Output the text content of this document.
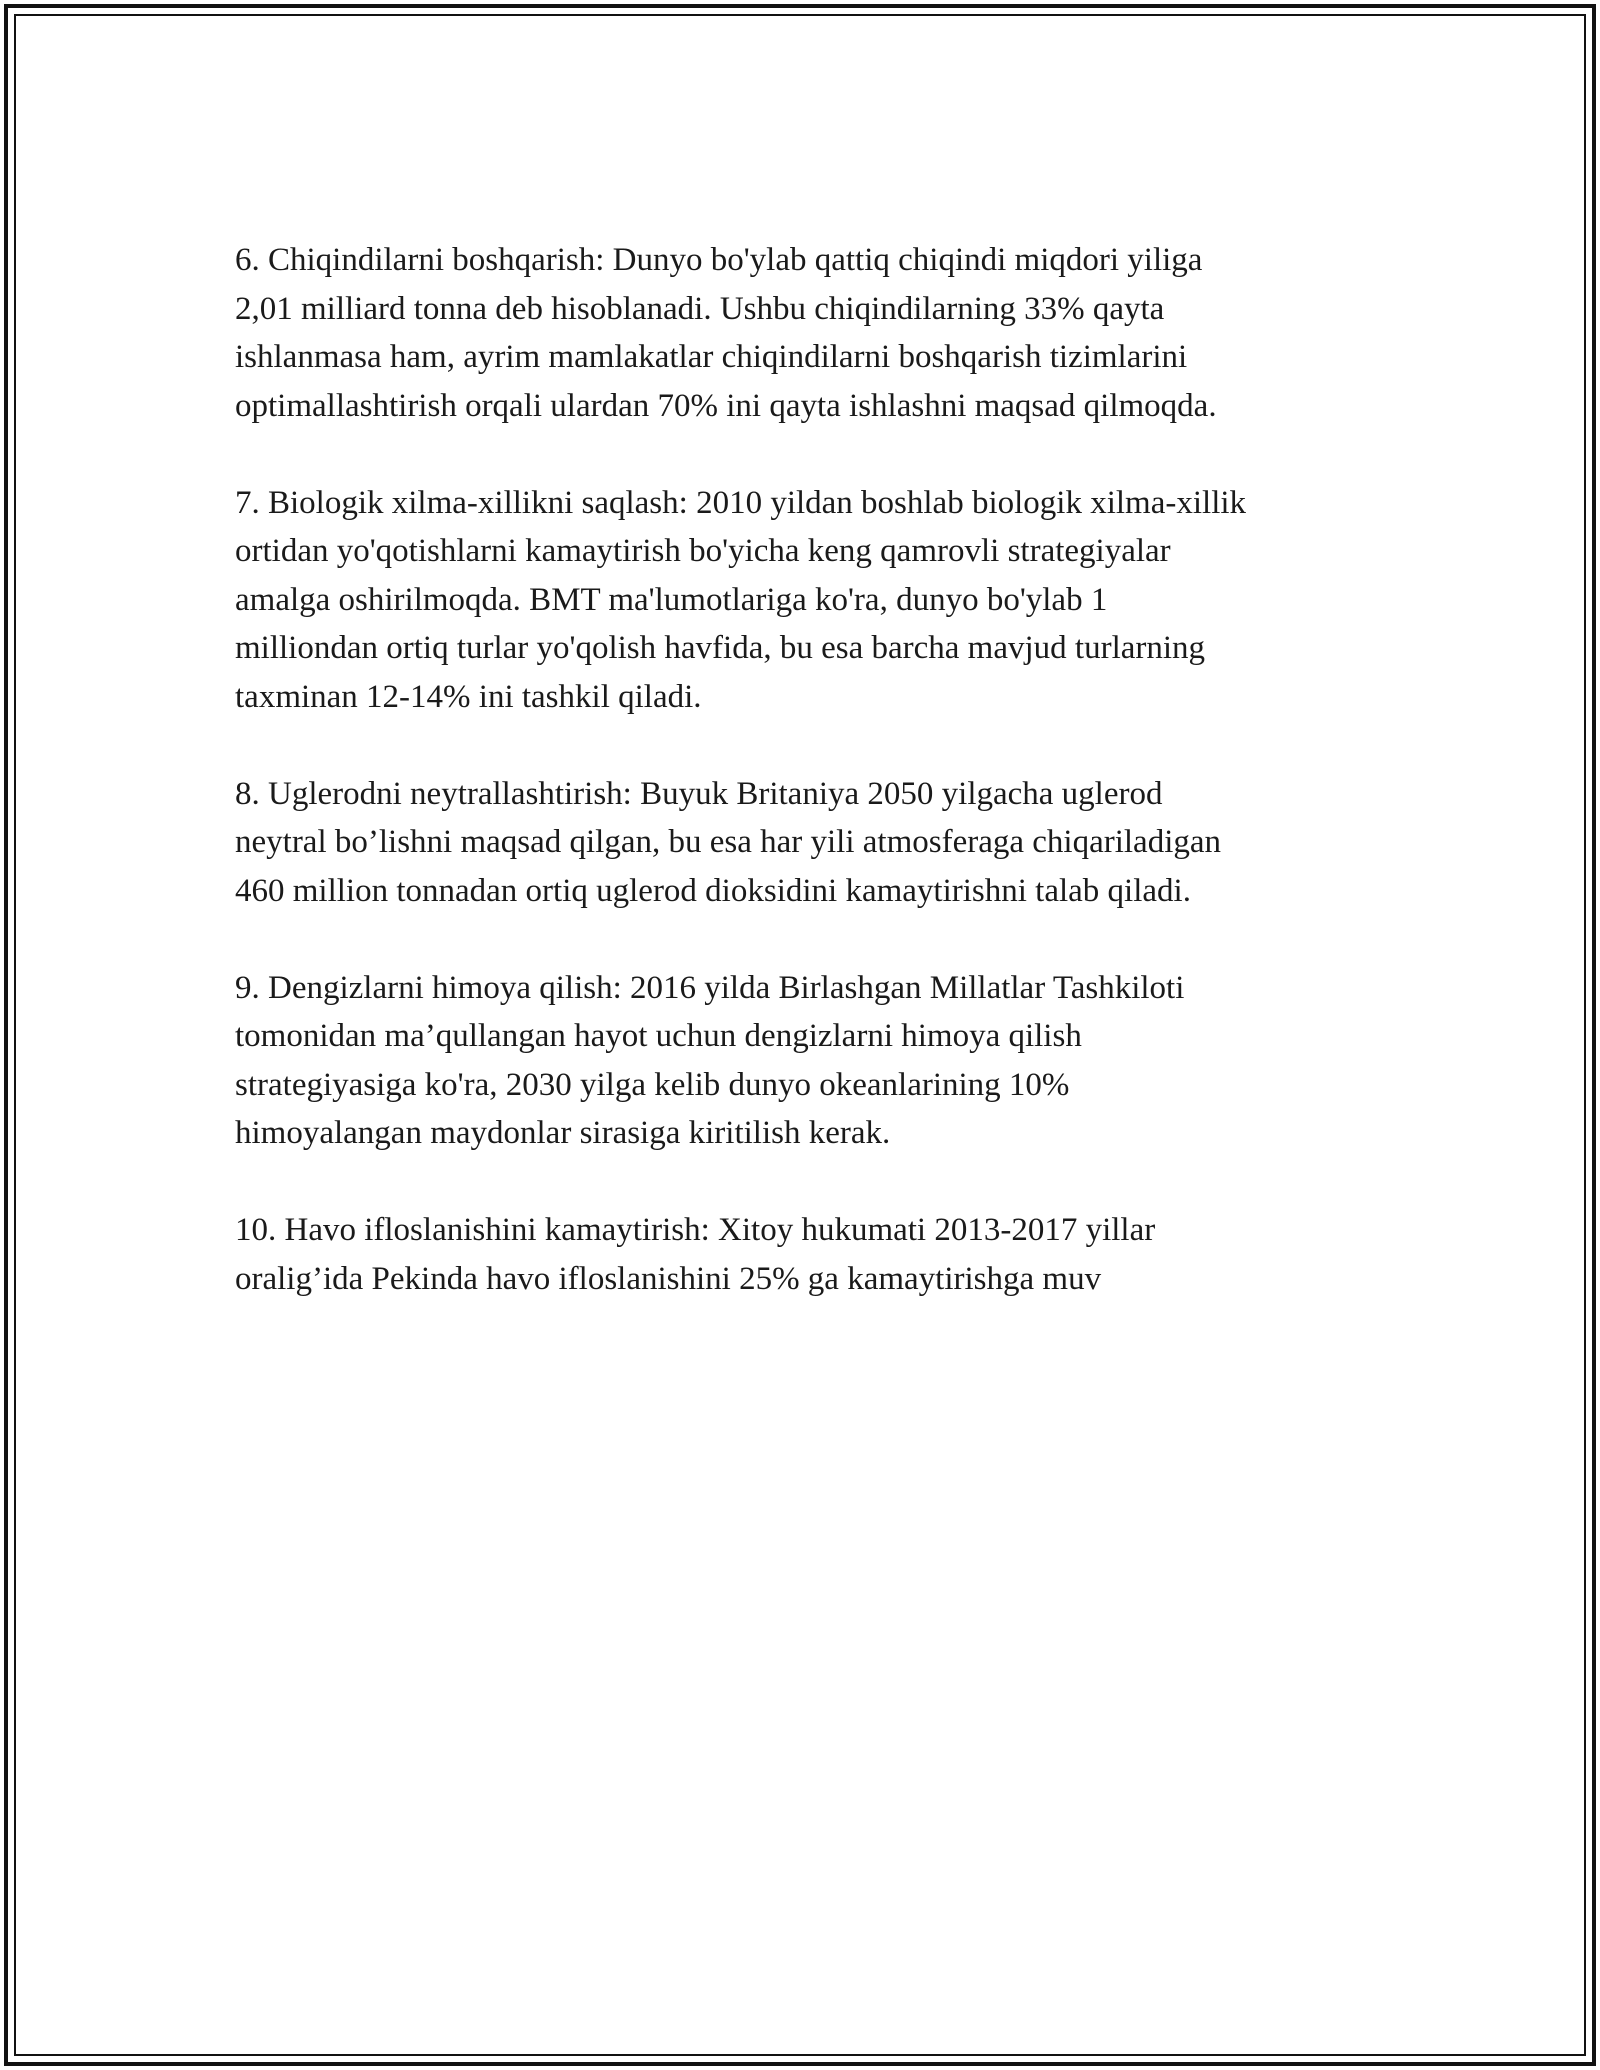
6. Chiqindilarni boshqarish: Dunyo bo'ylab qattiq chiqindi miqdori yiliga
2,01 milliard tonna deb hisoblanadi. Ushbu chiqindilarning 33% qayta
ishlanmasa ham, ayrim mamlakatlar chiqindilarni boshqarish tizimlarini
optimallashtirish orqali ulardan 70% ini qayta ishlashni maqsad qilmoqda.

7. Biologik xilma-xillikni saqlash: 2010 yildan boshlab biologik xilma-xillik
ortidan yo'qotishlarni kamaytirish bo'yicha keng qamrovli strategiyalar
amalga oshirilmoqda. BMT ma'lumotlariga ko'ra, dunyo bo'ylab 1
milliondan ortiq turlar yo'qolish havfida, bu esa barcha mavjud turlarning
taxminan 12-14% ini tashkil qiladi.

8. Uglerodni neytrallashtirish: Buyuk Britaniya 2050 yilgacha uglerod
neytral bo’lishni maqsad qilgan, bu esa har yili atmosferaga chiqariladigan
460 million tonnadan ortiq uglerod dioksidini kamaytirishni talab qiladi.

9. Dengizlarni himoya qilish: 2016 yilda Birlashgan Millatlar Tashkiloti
tomonidan ma’qullangan hayot uchun dengizlarni himoya qilish
strategiyasiga ko'ra, 2030 yilga kelib dunyo okeanlarining 10%
himoyalangan maydonlar sirasiga kiritilish kerak.

10. Havo ifloslanishini kamaytirish: Xitoy hukumati 2013-2017 yillar
oralig’ida Pekinda havo ifloslanishini 25% ga kamaytirishga muv
